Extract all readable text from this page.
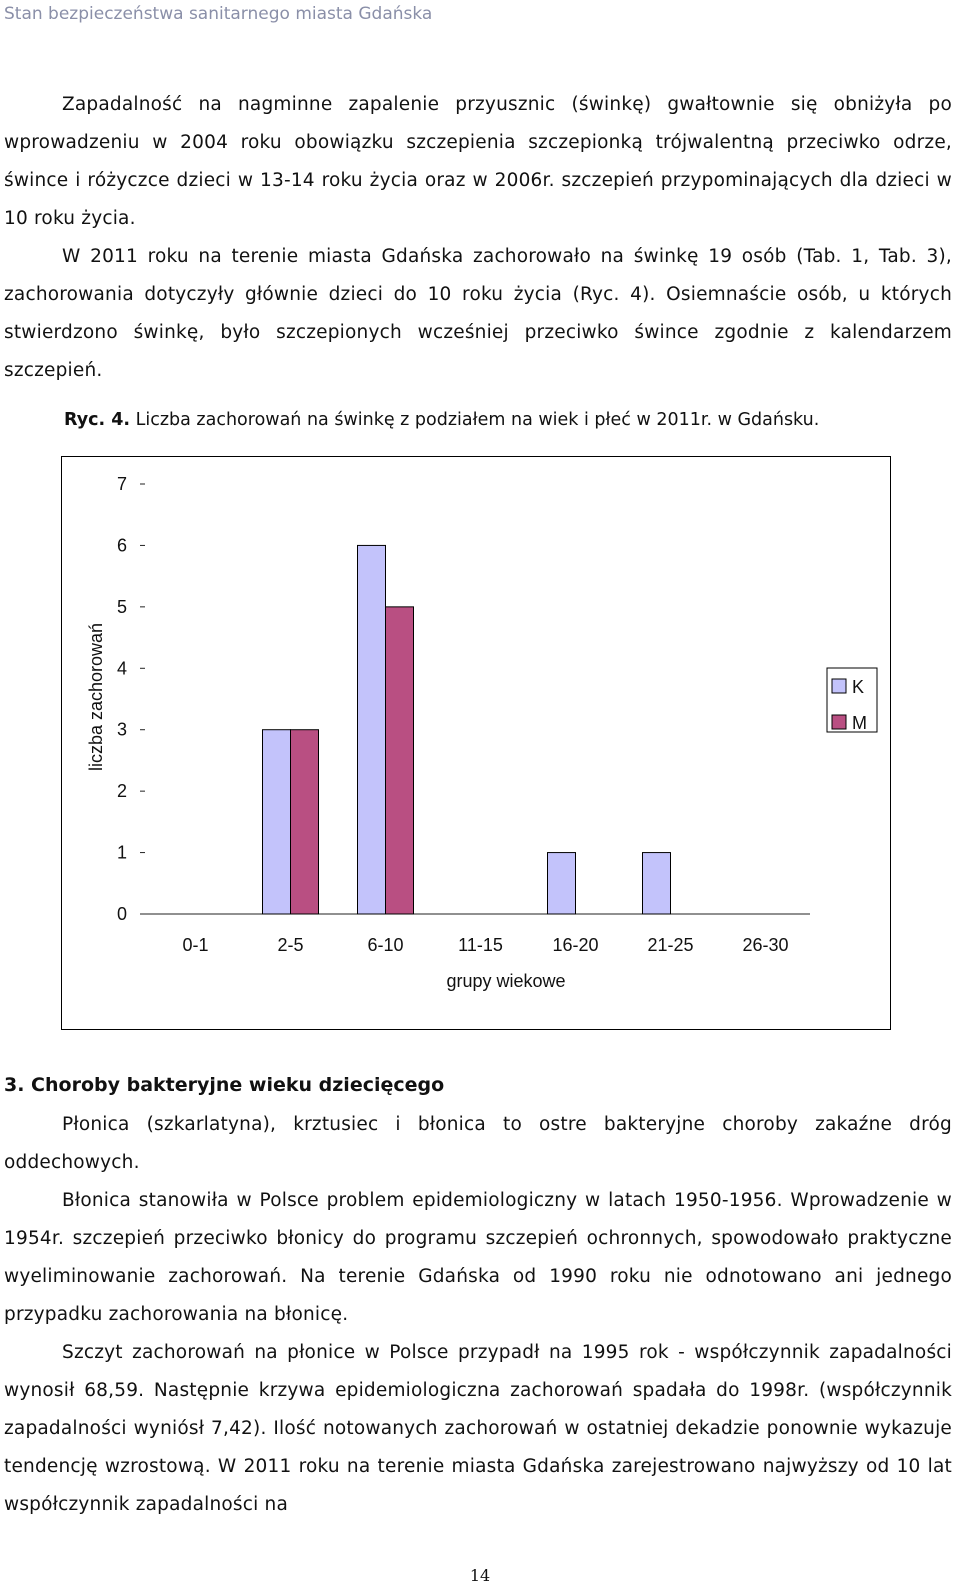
Stan bezpieczeństwa sanitarnego miasta Gdańska
Zapadalność na nagminne zapalenie przyusznic (świnkę) gwałtownie się obniżyła po wprowadzeniu w 2004 roku obowiązku szczepienia szczepionką trójwalentną przeciwko odrze, śwince i różyczce dzieci w 13-14 roku życia oraz w 2006r. szczepień przypominających dla dzieci w 10 roku życia.
W 2011 roku na terenie miasta Gdańska zachorowało na świnkę 19 osób (Tab. 1, Tab. 3), zachorowania dotyczyły głównie dzieci do 10 roku życia (Ryc. 4). Osiemnaście osób, u których stwierdzono świnkę, było szczepionych wcześniej przeciwko śwince zgodnie z kalendarzem szczepień.
Ryc. 4. Liczba zachorowań na świnkę z podziałem na wiek i płeć w 2011r. w Gdańsku.
0
1
2
3
4
5
6
7
0-1	2-5	6-10	11-15	16-20	21-25	26-30
grupy wiekowe
liczba zachorowań	K
M
3. Choroby bakteryjne wieku dziecięcego
Płonica (szkarlatyna), krztusiec i błonica to ostre bakteryjne choroby zakaźne dróg oddechowych.
Błonica stanowiła w Polsce problem epidemiologiczny w latach 1950-1956. Wprowadzenie w 1954r. szczepień przeciwko błonicy do programu szczepień ochronnych, spowodowało praktyczne wyeliminowanie zachorowań. Na terenie Gdańska od 1990 roku nie odnotowano ani jednego przypadku zachorowania na błonicę.
Szczyt zachorowań na płonice w Polsce przypadł na 1995 rok - współczynnik zapadalności wynosił 68,59. Następnie krzywa epidemiologiczna zachorowań spadała do 1998r. (współczynnik zapadalności wyniósł 7,42). Ilość notowanych zachorowań w ostatniej dekadzie ponownie wykazuje tendencję wzrostową. W 2011 roku na terenie miasta Gdańska zarejestrowano najwyższy od 10 lat współczynnik zapadalności na
14
